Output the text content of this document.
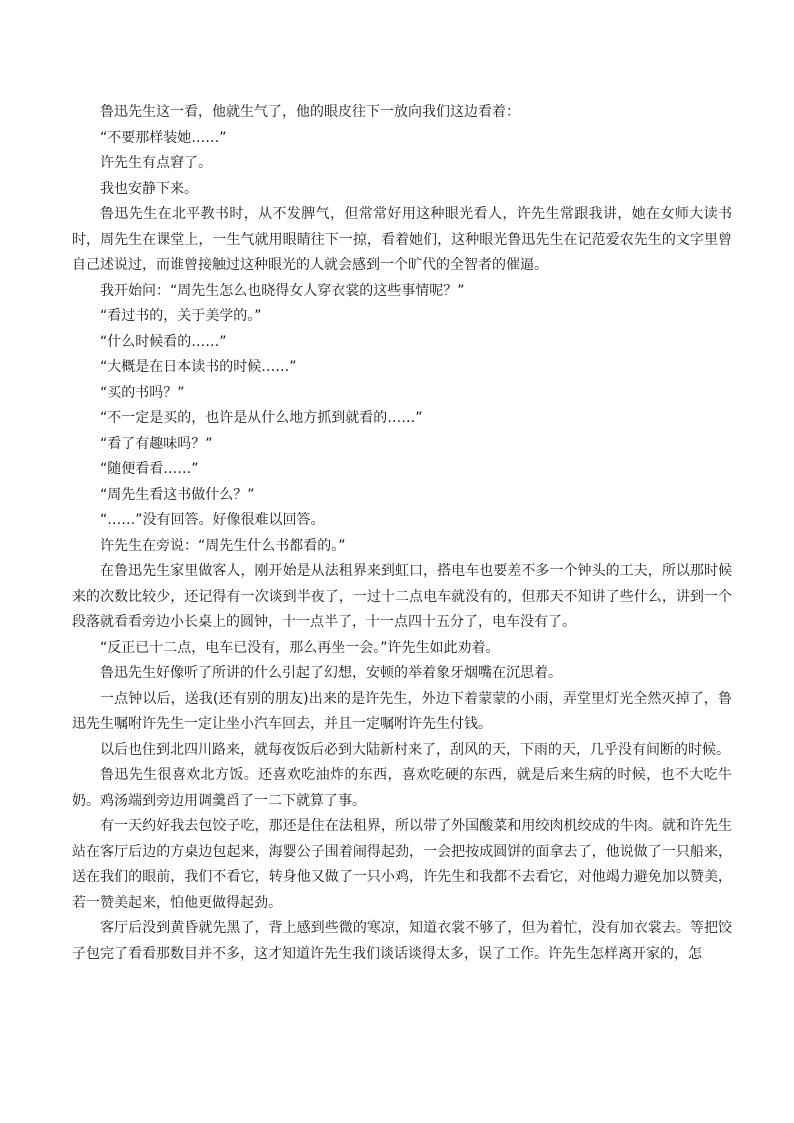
鲁迅先生这一看，他就生气了，他的眼皮往下一放向我们这边看着：

“不要那样装她……”

许先生有点窘了。

我也安静下来。

鲁迅先生在北平教书时，从不发脾气，但常常好用这种眼光看人，许先生常跟我讲，她在女师大读书时，周先生在课堂上，一生气就用眼睛往下一掠，看着她们，这种眼光鲁迅先生在记范爱农先生的文字里曾自己述说过，而谁曾接触过这种眼光的人就会感到一个旷代的全智者的催逼。

我开始问：“周先生怎么也晓得女人穿衣裳的这些事情呢？”

“看过书的，关于美学的。”

“什么时候看的……”

“大概是在日本读书的时候……”

“买的书吗？”

“不一定是买的，也许是从什么地方抓到就看的……”

“看了有趣味吗？”

“随便看看……”

“周先生看这书做什么？”

“……”没有回答。好像很难以回答。

许先生在旁说：“周先生什么书都看的。”

在鲁迅先生家里做客人，刚开始是从法租界来到虹口，搭电车也要差不多一个钟头的工夫，所以那时候来的次数比较少，还记得有一次谈到半夜了，一过十二点电车就没有的，但那天不知讲了些什么，讲到一个段落就看看旁边小长桌上的圆钟，十一点半了，十一点四十五分了，电车没有了。

“反正已十二点，电车已没有，那么再坐一会。”许先生如此劝着。

鲁迅先生好像听了所讲的什么引起了幻想，安顿的举着象牙烟嘴在沉思着。

一点钟以后，送我(还有别的朋友)出来的是许先生，外边下着蒙蒙的小雨，弄堂里灯光全然灭掉了，鲁迅先生嘱咐许先生一定让坐小汽车回去，并且一定嘱咐许先生付钱。

以后也住到北四川路来，就每夜饭后必到大陆新村来了，刮风的天，下雨的天，几乎没有间断的时候。

鲁迅先生很喜欢北方饭。还喜欢吃油炸的东西，喜欢吃硬的东西，就是后来生病的时候，也不大吃牛奶。鸡汤端到旁边用调羹舀了一二下就算了事。

有一天约好我去包饺子吃，那还是住在法租界，所以带了外国酸菜和用绞肉机绞成的牛肉。就和许先生站在客厅后边的方桌边包起来，海婴公子围着闹得起劲，一会把按成圆饼的面拿去了，他说做了一只船来，送在我们的眼前，我们不看它，转身他又做了一只小鸡，许先生和我都不去看它，对他竭力避免加以赞美，若一赞美起来，怕他更做得起劲。

客厅后没到黄昏就先黑了，背上感到些微的寒凉，知道衣裳不够了，但为着忙，没有加衣裳去。等把饺子包完了看看那数目并不多，这才知道许先生我们谈话谈得太多，误了工作。许先生怎样离开家的，怎
